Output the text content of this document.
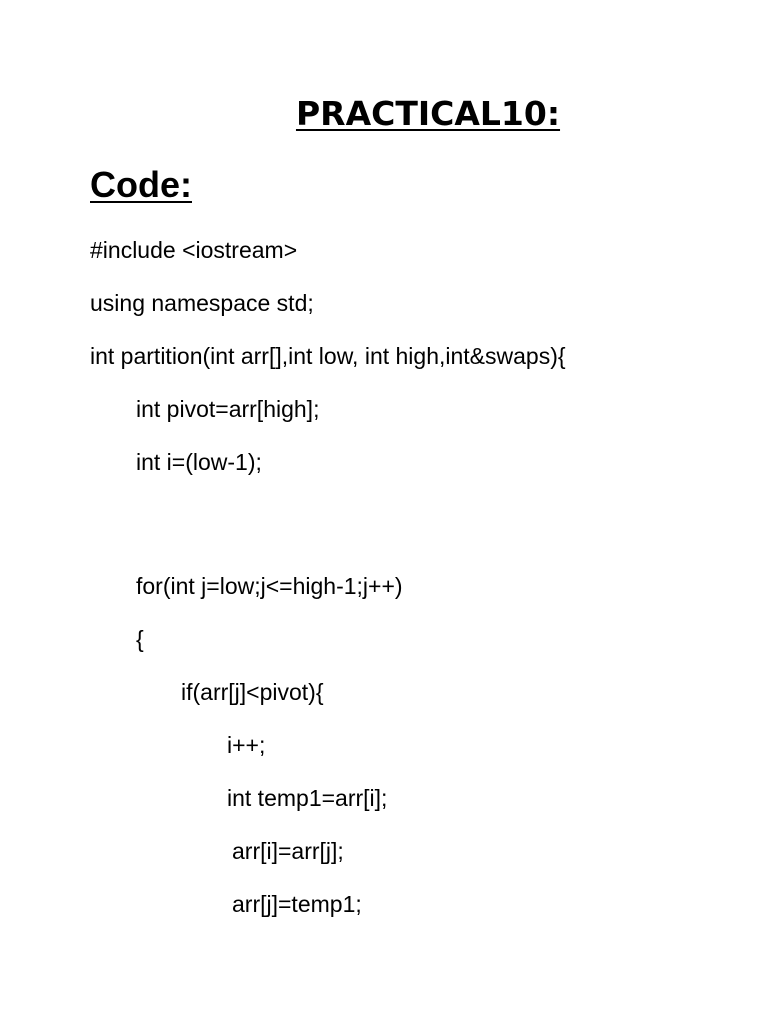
PRACTICAL10:
Code:
#include <iostream>
using namespace std;
int partition(int arr[],int low, int high,int&swaps){
int pivot=arr[high];
int i=(low-1);
for(int j=low;j<=high-1;j++)
{
if(arr[j]<pivot){
i++;
int temp1=arr[i];
arr[i]=arr[j];
arr[j]=temp1;
